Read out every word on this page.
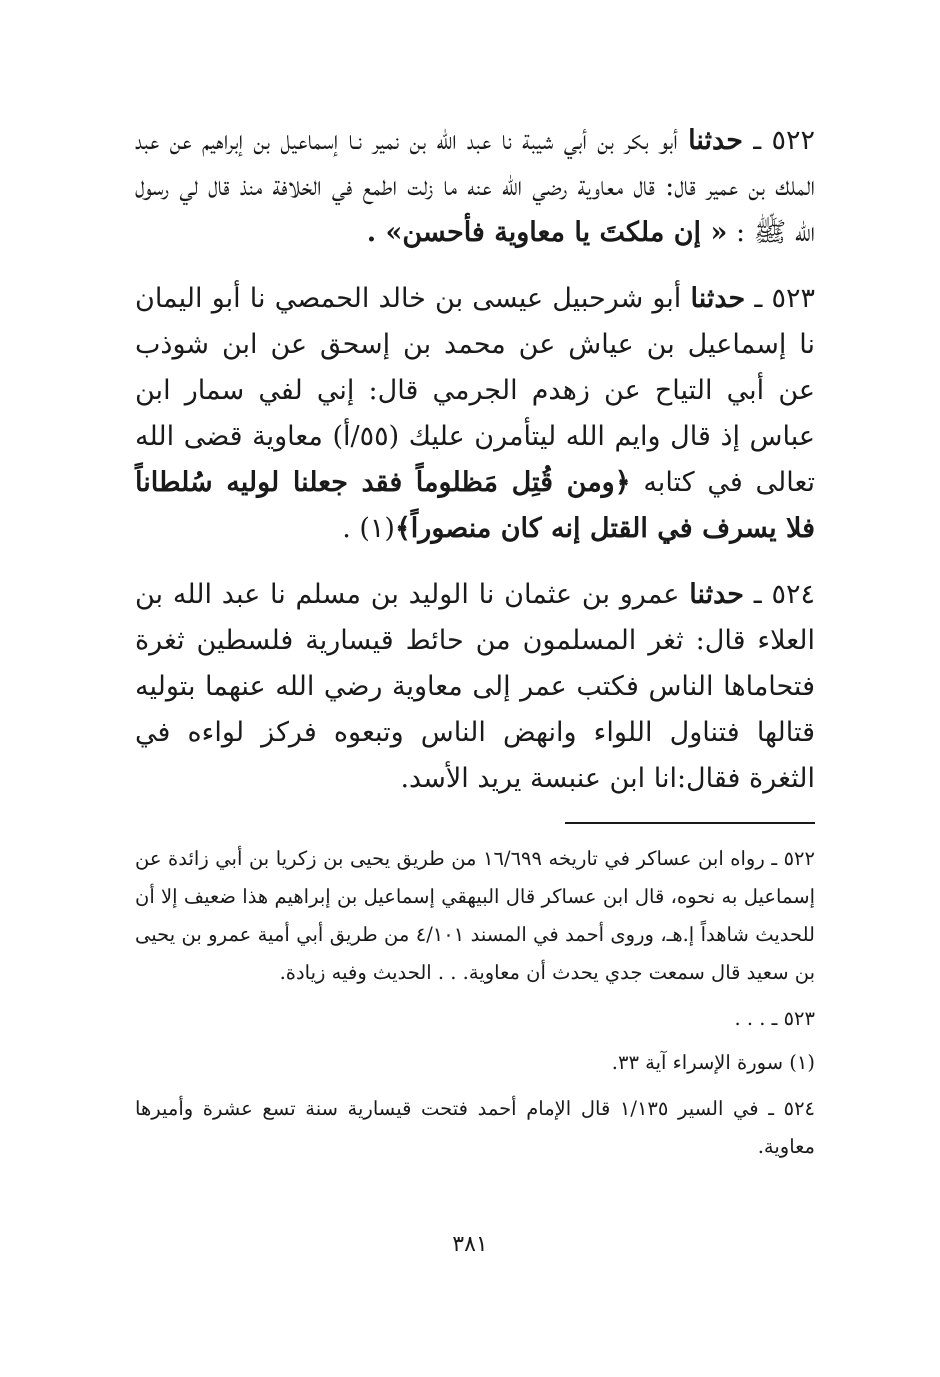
٥٢٢ ـ حدثنا أبو بكر بن أبي شيبة نا عبد الله بن نمير نـا إسماعيل بن إبراهيم عن عبد الملك بن عمير قال: قال معاوية رضي الله عنه ما زلت اطمع في الخلافة منذ قال لي رسول الله ﷺ : « إن ملكتَ يا معاوية فأحسن» .

٥٢٣ ـ حدثنا أبو شرحبيل عيسى بن خالد الحمصي نا أبو اليمان نا إسماعيل بن عياش عن محمد بن إسحق عن ابن شوذب عن أبي التياح عن زهدم الجرمي قال: إني لفي سمار ابن عباس إذ قال وايم الله ليتأمرن عليك (٥٥/أ) معاوية قضى الله تعالى في كتابه ﴿ومن قُتِل مَظلوماً فقد جعلنا لوليه سُلطاناً فلا يسرف في القتل إنه كان منصوراً﴾(١) .

٥٢٤ ـ حدثنا عمرو بن عثمان نا الوليد بن مسلم نا عبد الله بن العلاء قال: ثغر المسلمون من حائط قيسارية فلسطين ثغرة فتحاماها الناس فكتب عمر إلى معاوية رضي الله عنهما بتوليه قتالها فتناول اللواء وانهض الناس وتبعوه فركز لواءه في الثغرة فقال:انا ابن عنبسة يريد الأسد.

٥٢٢ ـ رواه ابن عساكر في تاريخه ١٦/٦٩٩ من طريق يحيى بن زكريا بن أبي زائدة عن إسماعيل به نحوه، قال ابن عساكر قال البيهقي إسماعيل بن إبراهيم هذا ضعيف إلا أن للحديث شاهداً إ.هـ، وروى أحمد في المسند ٤/١٠١ من طريق أبي أمية عمرو بن يحيى بن سعيد قال سمعت جدي يحدث أن معاوية. . . الحديث وفيه زيادة.

٥٢٣ ـ . . .

(١) سورة الإسراء آية ٣٣.

٥٢٤ ـ في السير ١/١٣٥ قال الإمام أحمد فتحت قيسارية سنة تسع عشرة وأميرها معاوية.

٣٨١
